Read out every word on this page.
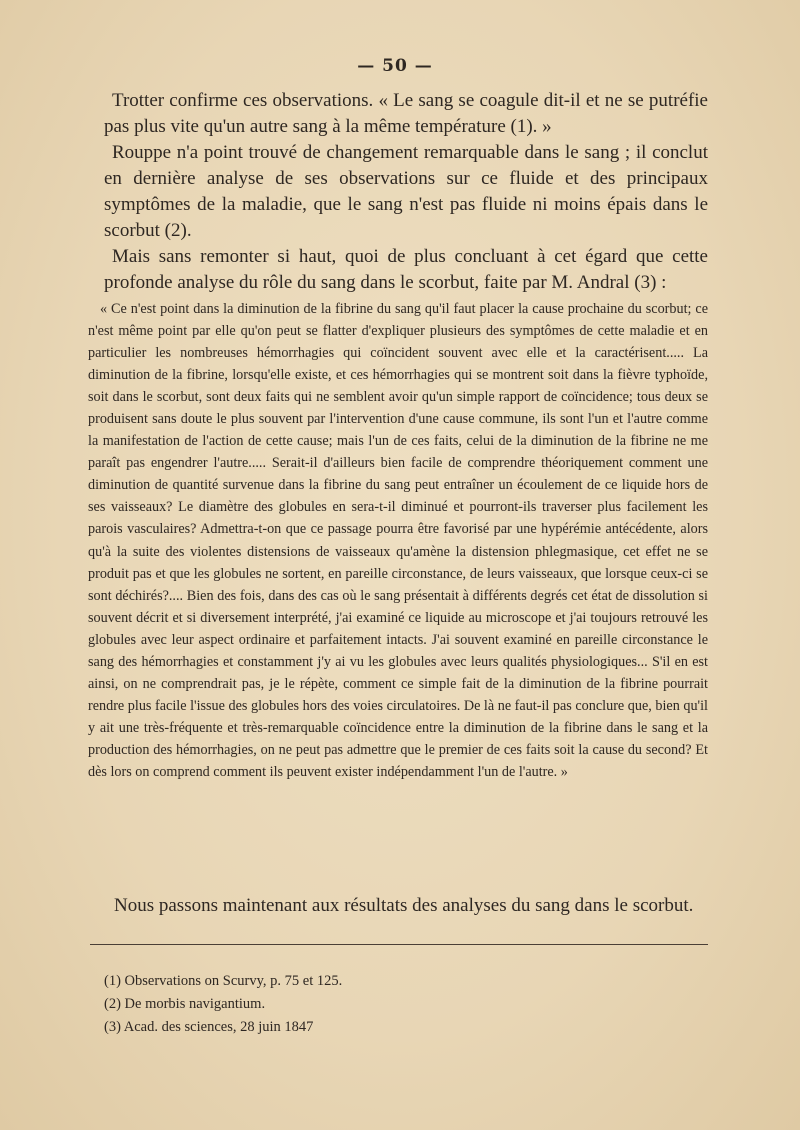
— 50 —

Trotter confirme ces observations. « Le sang se coagule dit-il et ne se putréfie pas plus vite qu'un autre sang à la même température (1). »

Rouppe n'a point trouvé de changement remarquable dans le sang ; il conclut en dernière analyse de ses observations sur ce fluide et des principaux symptômes de la maladie, que le sang n'est pas fluide ni moins épais dans le scorbut (2).

Mais sans remonter si haut, quoi de plus concluant à cet égard que cette profonde analyse du rôle du sang dans le scorbut, faite par M. Andral (3) :

« Ce n'est point dans la diminution de la fibrine du sang qu'il faut placer la cause prochaine du scorbut; ce n'est même point par elle qu'on peut se flatter d'expliquer plusieurs des symptômes de cette maladie et en particulier les nombreuses hémorrhagies qui coïncident souvent avec elle et la caractérisent..... La diminution de la fibrine, lorsqu'elle existe, et ces hémorrhagies qui se montrent soit dans la fièvre typhoïde, soit dans le scorbut, sont deux faits qui ne semblent avoir qu'un simple rapport de coïncidence; tous deux se produisent sans doute le plus souvent par l'intervention d'une cause commune, ils sont l'un et l'autre comme la manifestation de l'action de cette cause; mais l'un de ces faits, celui de la diminution de la fibrine ne me paraît pas engendrer l'autre..... Serait-il d'ailleurs bien facile de comprendre théoriquement comment une diminution de quantité survenue dans la fibrine du sang peut entraîner un écoulement de ce liquide hors de ses vaisseaux? Le diamètre des globules en sera-t-il diminué et pourront-ils traverser plus facilement les parois vasculaires? Admettra-t-on que ce passage pourra être favorisé par une hypérémie antécédente, alors qu'à la suite des violentes distensions de vaisseaux qu'amène la distension phlegmasique, cet effet ne se produit pas et que les globules ne sortent, en pareille circonstance, de leurs vaisseaux, que lorsque ceux-ci se sont déchirés?.... Bien des fois, dans des cas où le sang présentait à différents degrés cet état de dissolution si souvent décrit et si diversement interprété, j'ai examiné ce liquide au microscope et j'ai toujours retrouvé les globules avec leur aspect ordinaire et parfaitement intacts. J'ai souvent examiné en pareille circonstance le sang des hémorrhagies et constamment j'y ai vu les globules avec leurs qualités physiologiques... S'il en est ainsi, on ne comprendrait pas, je le répète, comment ce simple fait de la diminution de la fibrine pourrait rendre plus facile l'issue des globules hors des voies circulatoires. De là ne faut-il pas conclure que, bien qu'il y ait une très-fréquente et très-remarquable coïncidence entre la diminution de la fibrine dans le sang et la production des hémorrhagies, on ne peut pas admettre que le premier de ces faits soit la cause du second? Et dès lors on comprend comment ils peuvent exister indépendamment l'un de l'autre. »

Nous passons maintenant aux résultats des analyses du sang dans le scorbut.
(1) Observations on Scurvy, p. 75 et 125.
(2) De morbis navigantium.
(3) Acad. des sciences, 28 juin 1847
